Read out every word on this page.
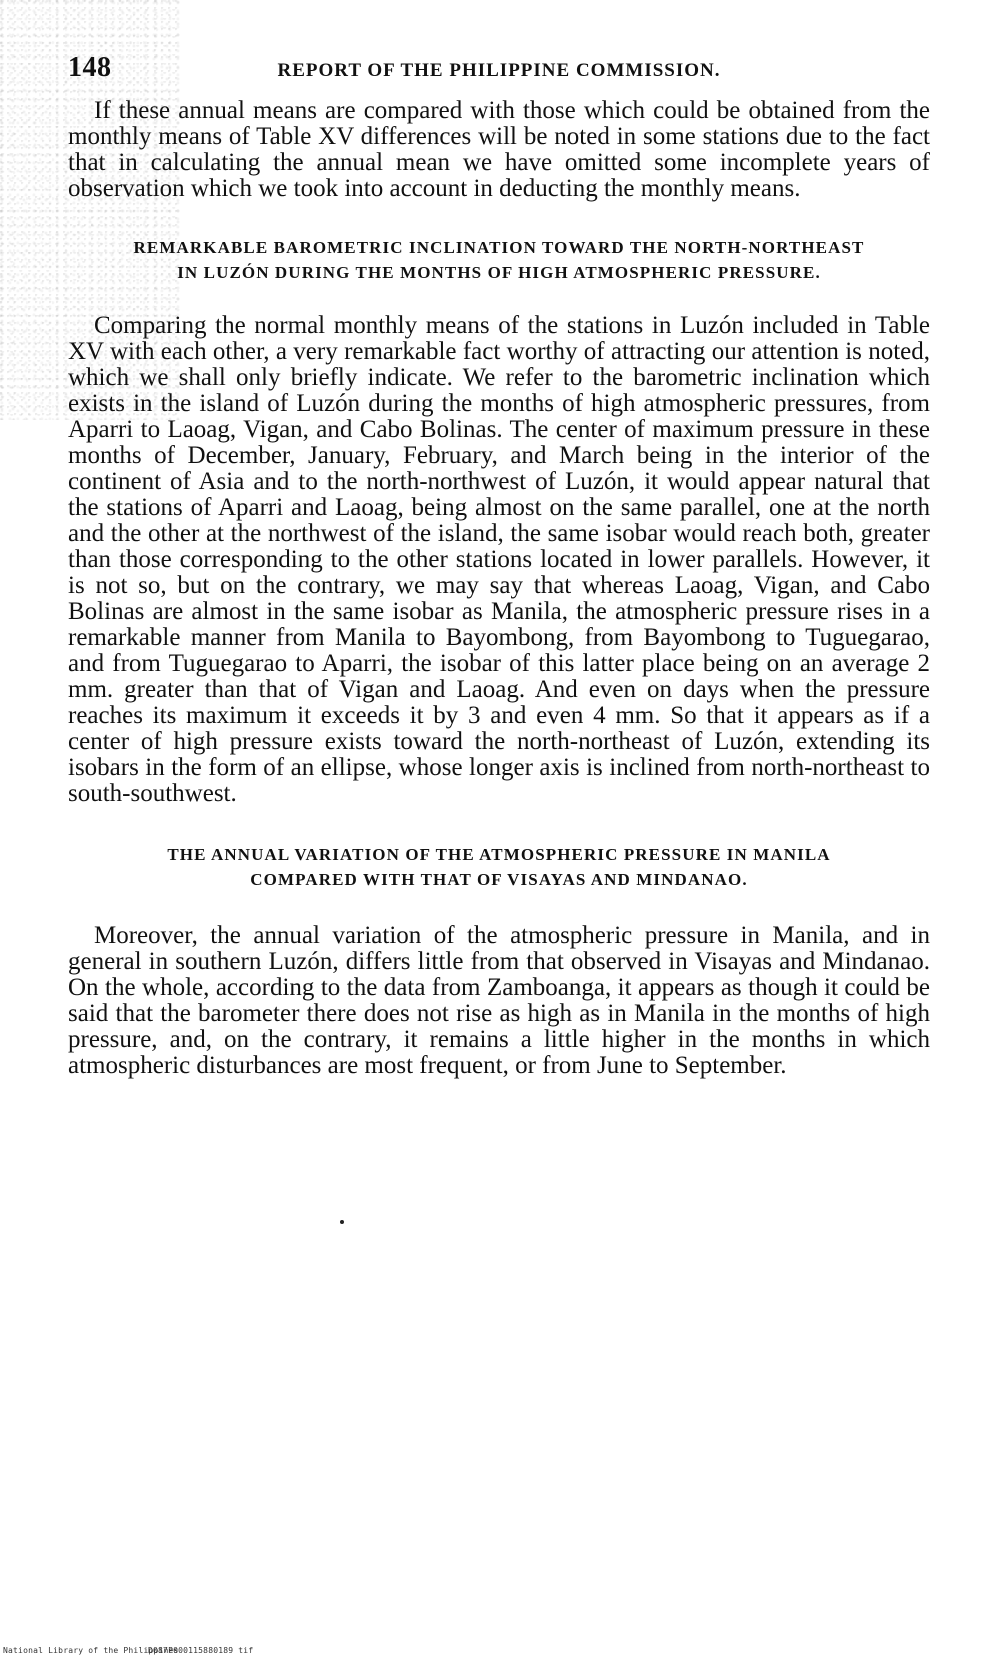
148	REPORT OF THE PHILIPPINE COMMISSION.

If these annual means are compared with those which could be obtained from the monthly means of Table XV differences will be noted in some stations due to the fact that in calculating the annual mean we have omitted some incomplete years of observation which we took into account in deducting the monthly means.

REMARKABLE BAROMETRIC INCLINATION TOWARD THE NORTH-NORTHEAST
IN LUZÓN DURING THE MONTHS OF HIGH ATMOSPHERIC PRESSURE.

Comparing the normal monthly means of the stations in Luzón included in Table XV with each other, a very remarkable fact worthy of attracting our attention is noted, which we shall only briefly indicate. We refer to the barometric inclination which exists in the island of Luzón during the months of high atmospheric pressures, from Aparri to Laoag, Vigan, and Cabo Bolinas. The center of maximum pressure in these months of December, January, February, and March being in the interior of the continent of Asia and to the north-northwest of Luzón, it would appear natural that the stations of Aparri and Laoag, being almost on the same parallel, one at the north and the other at the northwest of the island, the same isobar would reach both, greater than those corresponding to the other stations located in lower parallels. However, it is not so, but on the contrary, we may say that whereas Laoag, Vigan, and Cabo Bolinas are almost in the same isobar as Manila, the atmospheric pressure rises in a remarkable manner from Manila to Bayombong, from Bayombong to Tuguegarao, and from Tuguegarao to Aparri, the isobar of this latter place being on an average 2 mm. greater than that of Vigan and Laoag. And even on days when the pressure reaches its maximum it exceeds it by 3 and even 4 mm. So that it appears as if a center of high pressure exists toward the north-northeast of Luzón, extending its isobars in the form of an ellipse, whose longer axis is inclined from north-northeast to south-southwest.

THE ANNUAL VARIATION OF THE ATMOSPHERIC PRESSURE IN MANILA
COMPARED WITH THAT OF VISAYAS AND MINDANAO.

Moreover, the annual variation of the atmospheric pressure in Manila, and in general in southern Luzón, differs little from that observed in Visayas and Mindanao. On the whole, according to the data from Zamboanga, it appears as though it could be said that the barometer there does not rise as high as in Manila in the months of high pressure, and, on the contrary, it remains a little higher in the months in which atmospheric disturbances are most frequent, or from June to September.

National Library of the Philippines
D087P000115880189 tif
